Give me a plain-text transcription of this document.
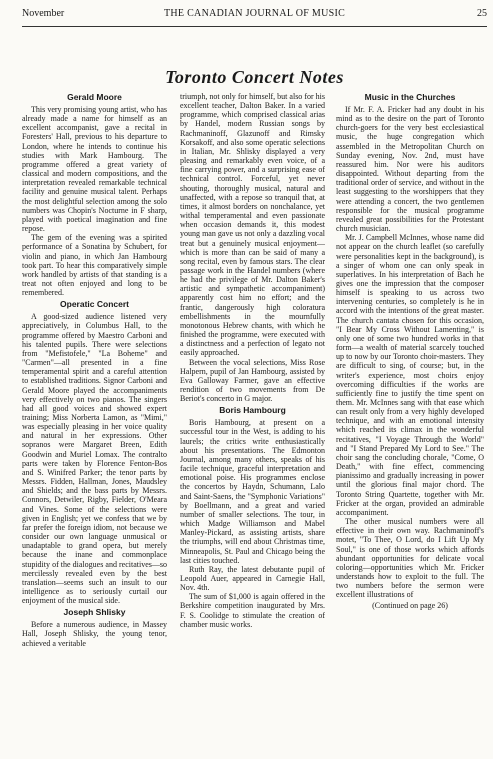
November	THE CANADIAN JOURNAL OF MUSIC	25
Toronto Concert Notes
Gerald Moore

This very promising young artist, who has already made a name for himself as an excellent accompanist, gave a recital in Foresters' Hall, previous to his departure to London, where he intends to continue his studies with Mark Hambourg. The programme offered a great variety of classical and modern compositions, and the interpretation revealed remarkable technical facility and genuine musical talent. Perhaps the most delightful selection among the solo numbers was Chopin's Nocturne in F sharp, played with poetical imagination and fine repose.

The gem of the evening was a spirited performance of a Sonatina by Schubert, for violin and piano, in which Jan Hambourg took part. To hear this comparatively simple work handled by artists of that standing is a treat not often enjoyed and long to be remembered.

Operatic Concert

A good-sized audience listened very appreciatively, in Columbus Hall, to the programme offered by Maestro Carboni and his talented pupils. There were selections from "Mefistofele," "La Boheme" and "Carmen"—all presented in a fine temperamental spirit and a careful attention to established traditions. Signor Carboni and Gerald Moore played the accompaniments very effectively on two pianos. The singers had all good voices and showed expert training; Miss Norberta Lamon, as "Mimi," was especially pleasing in her voice quality and natural in her expressions. Other sopranos were Margaret Breen, Edith Goodwin and Muriel Lomax. The contralto parts were taken by Florence Fenton-Bos and S. Winifred Parker; the tenor parts by Messrs. Fidden, Hallman, Jones, Maudsley and Shields; and the bass parts by Messrs. Connors, Detwiler, Rigby, Fielder, O'Meara and Vines. Some of the selections were given in English; yet we confess that we by far prefer the foreign idiom, not because we consider our own language unmusical or unadaptable to grand opera, but merely because the inane and commonplace stupidity of the dialogues and recitatives—so mercilessly revealed even by the best translation—seems such an insult to our intelligence as to seriously curtail our enjoyment of the musical side.

Joseph Shlisky

Before a numerous audience, in Massey Hall, Joseph Shlisky, the young tenor, achieved a veritable

triumph, not only for himself, but also for his excellent teacher, Dalton Baker. In a varied programme, which comprised classical arias by Handel, modern Russian songs by Rachmaninoff, Glazunoff and Rimsky Korsakoff, and also some operatic selections in Italian, Mr. Shlisky displayed a very pleasing and remarkably even voice, of a fine carrying power, and a surprising ease of technical control. Forceful, yet never shouting, thoroughly musical, natural and unaffected, with a repose so tranquil that, at times, it almost borders on nonchalance, yet withal temperamental and even passionate when occasion demands it, this modest young man gave us not only a dazzling vocal treat but a genuinely musical enjoyment—which is more than can be said of many a song recital, even by famous stars. The clear passage work in the Handel numbers (where he had the privilege of Mr. Dalton Baker's artistic and sympathetic accompaniment) apparently cost him no effort; and the frantic, dangerously high coloratura embellishments in the mournfully monotonous Hebrew chants, with which he finished the programme, were executed with a distinctness and a perfection of legato not easily approached.

Between the vocal selections, Miss Rose Halpern, pupil of Jan Hambourg, assisted by Eva Galloway Farmer, gave an effective rendition of two movements from De Beriot's concerto in G major.

Boris Hambourg

Boris Hambourg, at present on a successful tour in the West, is adding to his laurels; the critics write enthusiastically about his presentations. The Edmonton Journal, among many others, speaks of his facile technique, graceful interpretation and emotional poise. His programmes enclose the concertos by Haydn, Schumann, Lalo and Saint-Saens, the "Symphonic Variations" by Boellmann, and a great and varied number of smaller selections. The tour, in which Madge Williamson and Mabel Manley-Pickard, as assisting artists, share the triumphs, will end about Christmas time, Minneapolis, St. Paul and Chicago being the last cities touched.

Ruth Ray, the latest debutante pupil of Leopold Auer, appeared in Carnegie Hall, Nov. 4th.

The sum of $1,000 is again offered in the Berkshire competition inaugurated by Mrs. F. S. Coolidge to stimulate the creation of chamber music works.

Music in the Churches

If Mr. F. A. Fricker had any doubt in his mind as to the desire on the part of Toronto church-goers for the very best ecclesiastical music, the huge congregation which assembled in the Metropolitan Church on Sunday evening, Nov. 2nd, must have reassured him. Nor were his auditors disappointed. Without departing from the traditional order of service, and without in the least suggesting to the worshippers that they were attending a concert, the two gentlemen responsible for the musical programme revealed great possibilities for the Protestant church musician.

Mr. J. Campbell McInnes, whose name did not appear on the church leaflet (so carefully were personalities kept in the background), is a singer of whom one can only speak in superlatives. In his interpretation of Bach he gives one the impression that the composer himself is speaking to us across two intervening centuries, so completely is he in accord with the intentions of the great master. The church cantata chosen for this occasion, "I Bear My Cross Without Lamenting," is only one of some two hundred works in that form—a wealth of material scarcely touched up to now by our Toronto choir-masters. They are difficult to sing, of course; but, in the writer's experience, most choirs enjoy overcoming difficulties if the works are sufficiently fine to justify the time spent on them. Mr. McInnes sang with that ease which can result only from a very highly developed technique, and with an emotional intensity which reached its climax in the wonderful recitatives, "I Voyage Through the World" and "I Stand Prepared My Lord to See." The choir sang the concluding chorale, "Come, O Death," with fine effect, commencing pianissimo and gradually increasing in power until the glorious final major chord. The Toronto String Quartette, together with Mr. Fricker at the organ, provided an admirable accompaniment.

The other musical numbers were all effective in their own way. Rachmaninoff's motet, "To Thee, O Lord, do I Lift Up My Soul," is one of those works which affords abundant opportunities for delicate vocal coloring—opportunities which Mr. Fricker understands how to exploit to the full. The two numbers before the sermon were excellent illustrations of

(Continued on page 26)
